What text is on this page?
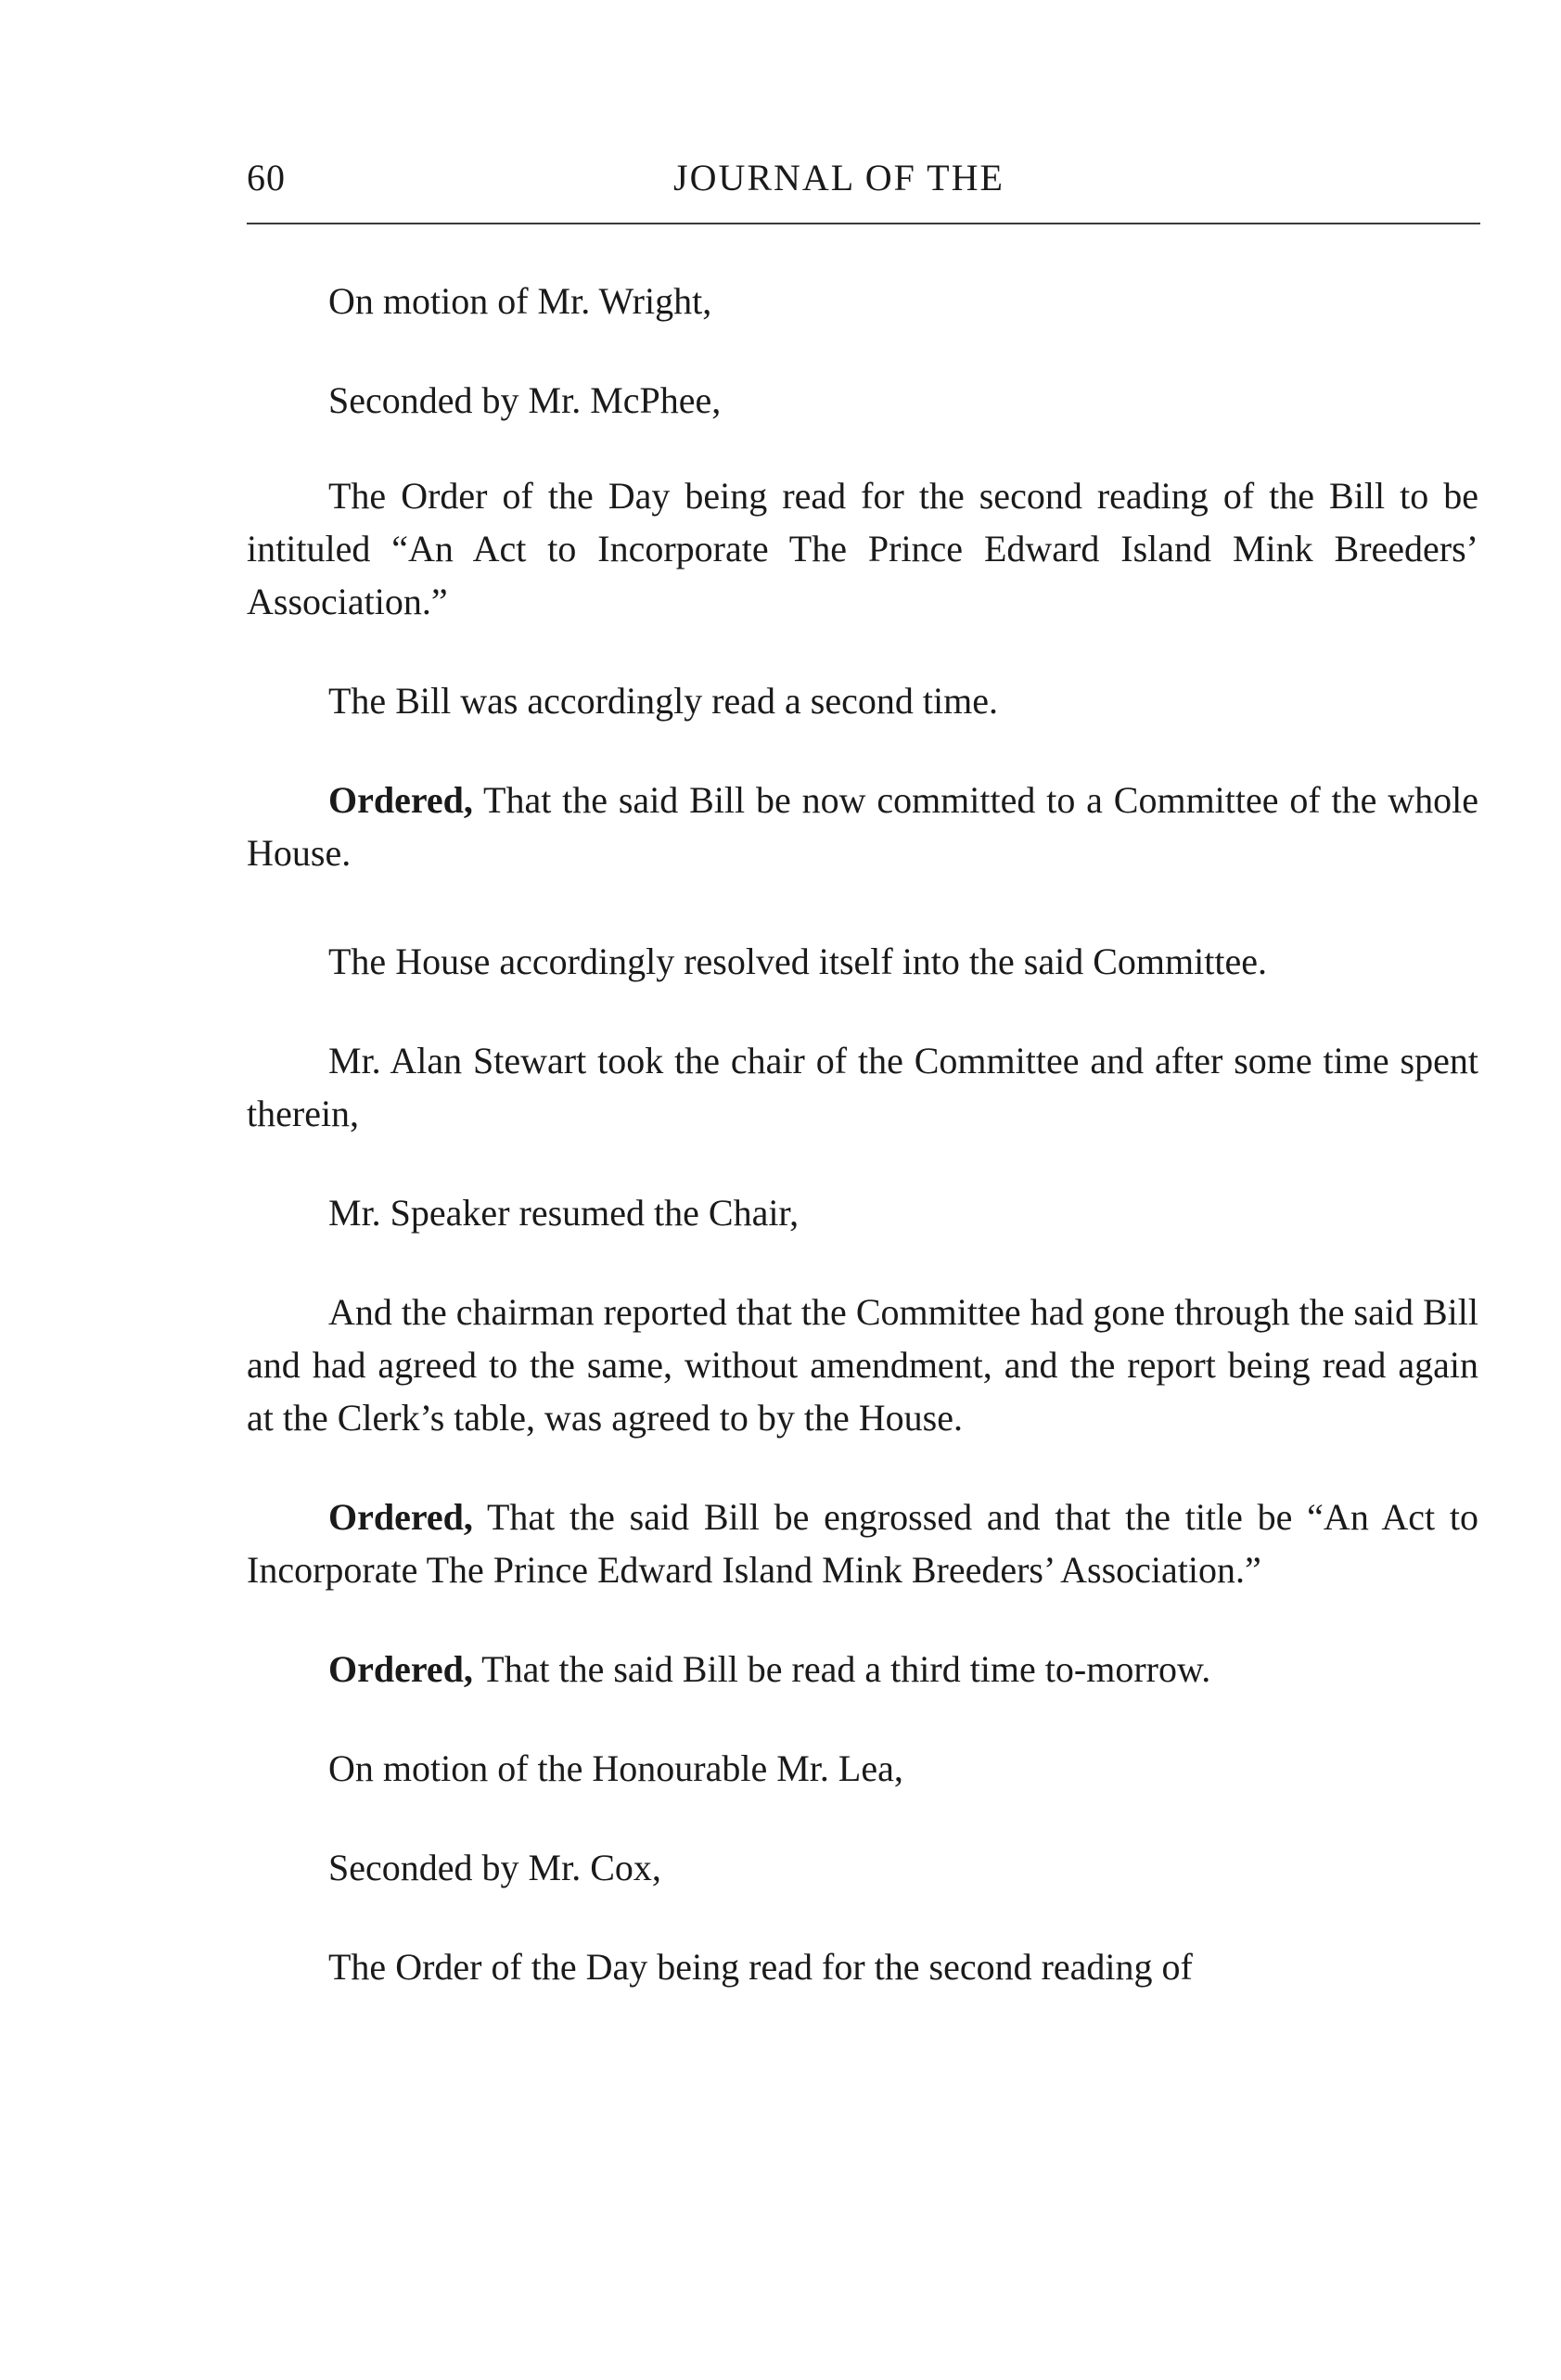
60	JOURNAL OF THE

On motion of Mr. Wright,

Seconded by Mr. McPhee,

The Order of the Day being read for the second reading of the Bill to be intituled “An Act to Incorporate The Prince Edward Island Mink Breeders’ Association.”

The Bill was accordingly read a second time.

Ordered, That the said Bill be now committed to a Committee of the whole House.

The House accordingly resolved itself into the said Committee.

Mr. Alan Stewart took the chair of the Committee and after some time spent therein,

Mr. Speaker resumed the Chair,

And the chairman reported that the Committee had gone through the said Bill and had agreed to the same, without amendment, and the report being read again at the Clerk’s table, was agreed to by the House.

Ordered, That the said Bill be engrossed and that the title be “An Act to Incorporate The Prince Edward Island Mink Breeders’ Association.”

Ordered, That the said Bill be read a third time to-morrow.

On motion of the Honourable Mr. Lea,

Seconded by Mr. Cox,

The Order of the Day being read for the second reading of
